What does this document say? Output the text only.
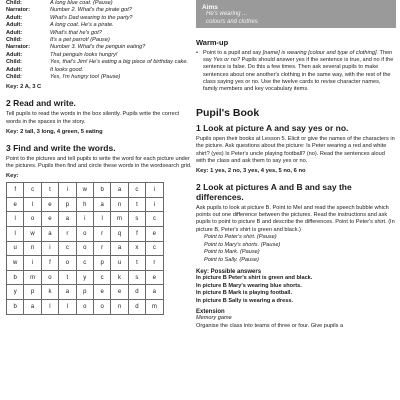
Child:	A long blue coat. (Pause)
Narrator:	Number 2. What's the pirate got?
Adult:	What's Dad wearing to the party?
Adult:	A long coat. He's a pirate.
Adult:	What's that he's got?
Child:	It's a pet parrot! (Pause)
Narrator:	Number 3. What's the penguin eating?
Adult:	That penguin looks hungry!
Child:	Yes, that's Jim! He's eating a big piece of birthday cake.
Adult:	It looks good.
Child:	Yes, I'm hungry too! (Pause)
Key: 2 A, 3 C
2 Read and write.

Tell pupils to read the words in the box silently. Pupils write the correct words in the spaces in the story.

Key: 2 tall, 3 long, 4 green, 5 eating
3 Find and write the words.

Point to the pictures and tell pupils to write the word for each picture under the pictures. Pupils then find and circle these words in the wordsearch grid.

Key:
f	c	t	i	w	b	a	c	i
e	l	e	p	h	a	n	t	i
l	o	e	a	i	l	m	s	c
l	w	a	r	o	r	q	f	e
u	n	i	c	o	r	a	x	c
w	i	f	o	c	p	u	t	r
b	m	o	t	y	c	k	s	e
y	p	k	a	p	e	e	d	a
b	a	l	l	o	o	n	d	m
Aims
He's wearing ...
colours and clothes
Warm-up
• Point to a pupil and say [name] is wearing [colour and type of clothing]. Then say Yes or no? Pupils should answer yes if the sentence is true, and no if the sentence is false. Do this a few times. Then ask several pupils to make sentences about one another's clothing in the same way, with the rest of the class saying yes or no. Use the twelve cards to revise character names, family members and key vocabulary items.
Pupil's Book
1 Look at picture A and say yes or no.

Pupils open their books at Lesson 5. Elicit or give the names of the characters in the picture. Ask questions about the picture: Is Peter wearing a red and white shirt? (yes) Is Peter's uncle playing football? (no). Read the sentences aloud with the class and ask them to say yes or no.

Key: 1 yes, 2 no, 3 yes, 4 yes, 5 no, 6 no
2 Look at pictures A and B and say the differences.

Ask pupils to look at picture B. Point to Mel and read the speech bubble which points out one difference between the pictures. Read the instructions and ask pupils to point to picture B and describe the differences. Point to Peter's shirt. (In picture B, Peter's shirt is green and black.)

Point to Peter's shirt. (Pause)
Point to Mary's shorts. (Pause)
Point to Mark. (Pause)
Point to Sally. (Pause)
Key: Possible answers
In picture B Peter's shirt is green and black.
In picture B Mary's wearing blue shorts.
In picture B Mark is playing football.
In picture B Sally is wearing a dress.
Extension
Memory game
Organise the class into teams of three or four. Give pupils a
